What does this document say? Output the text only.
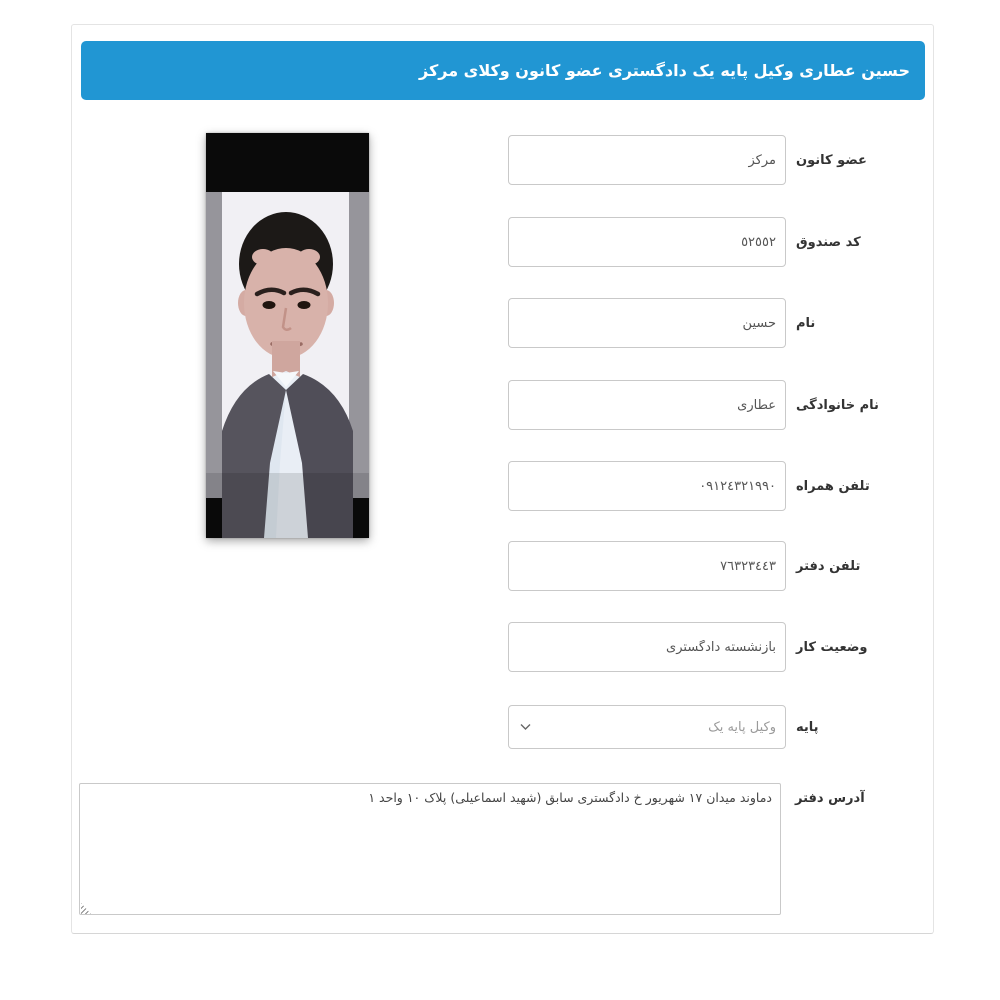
حسین عطاری وکیل پایه یک دادگستری عضو کانون وکلای مرکز
مرکز
عضو کانون
٥٢٥٥٢
کد صندوق
حسین
نام
عطاری
نام خانوادگی
٠٩١٢٤٣٢١٩٩٠
تلفن همراه
٧٦٣٢٣٤٤٣
تلفن دفتر
بازنشسته دادگستری
وضعیت کار
وکیل پایه یک پایه
دماوند میدان ١٧ شهریور خ دادگستری سابق (شهید اسماعیلی) پلاک ١٠ واحد ١
آدرس دفتر
